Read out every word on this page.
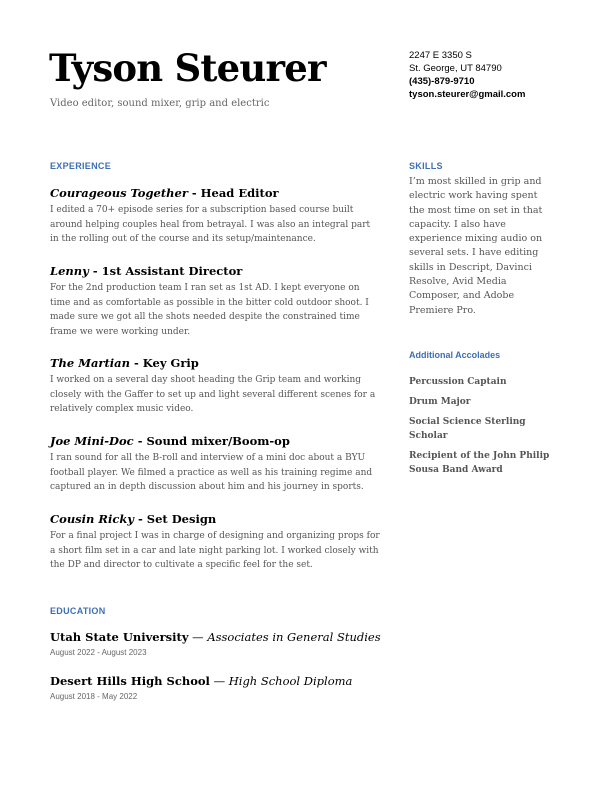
Tyson Steurer
Video editor, sound mixer, grip and electric
2247 E 3350 S
St. George, UT 84790
(435)-879-9710
tyson.steurer@gmail.com
EXPERIENCE
Courageous Together - Head Editor
I edited a 70+ episode series for a subscription based course built around helping couples heal from betrayal. I was also an integral part in the rolling out of the course and its setup/maintenance.
Lenny - 1st Assistant Director
For the 2nd production team I ran set as 1st AD. I kept everyone on time and as comfortable as possible in the bitter cold outdoor shoot. I made sure we got all the shots needed despite the constrained time frame we were working under.
The Martian - Key Grip
I worked on a several day shoot heading the Grip team and working closely with the Gaffer to set up and light several different scenes for a relatively complex music video.
Joe Mini-Doc - Sound mixer/Boom-op
I ran sound for all the B-roll and interview of a mini doc about a BYU football player. We filmed a practice as well as his training regime and captured an in depth discussion about him and his journey in sports.
Cousin Ricky - Set Design
For a final project I was in charge of designing and organizing props for a short film set in a car and late night parking lot. I worked closely with the DP and director to cultivate a specific feel for the set.
EDUCATION
Utah State University — Associates in General Studies
August 2022 - August 2023
Desert Hills High School — High School Diploma
August 2018 - May 2022
SKILLS
I’m most skilled in grip and electric work having spent the most time on set in that capacity. I also have experience mixing audio on several sets. I have editing skills in Descript, Davinci Resolve, Avid Media Composer, and Adobe Premiere Pro.
Additional Accolades
Percussion Captain
Drum Major
Social Science Sterling Scholar
Recipient of the John Philip Sousa Band Award
